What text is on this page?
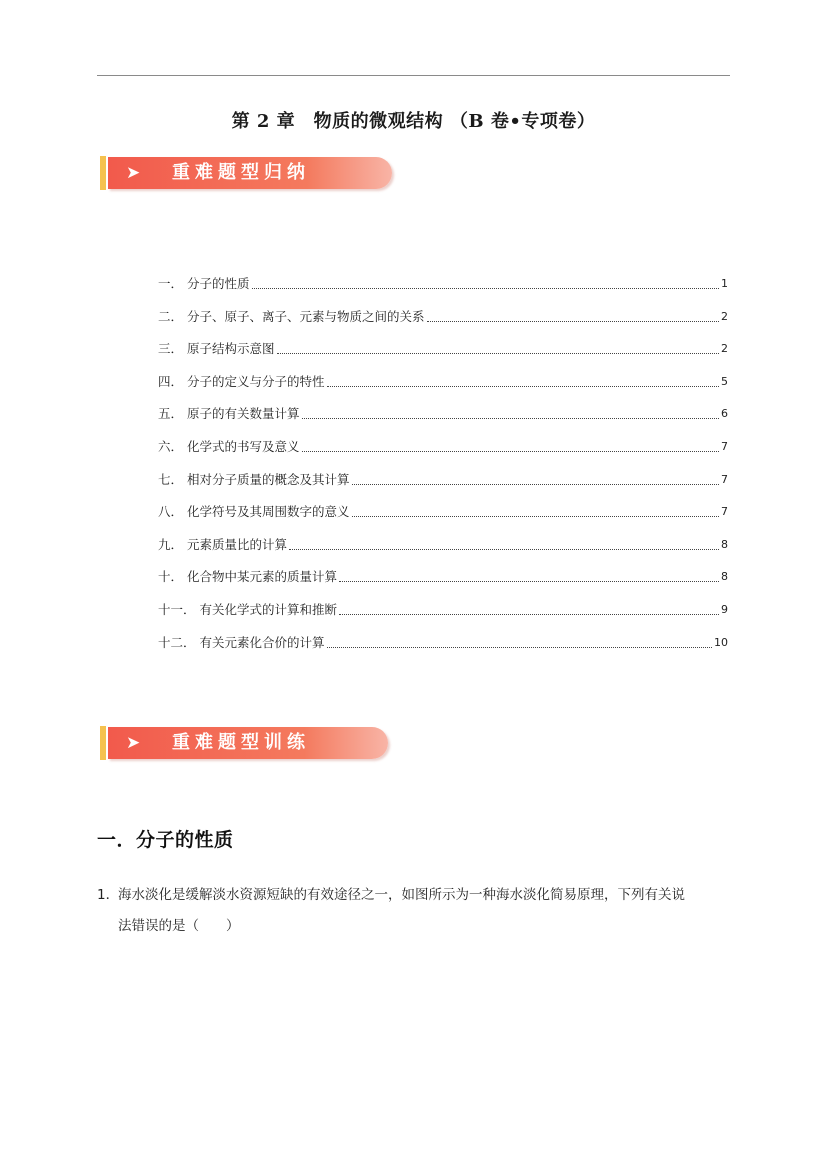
第 2 章　物质的微观结构 （B 卷•专项卷）
➤	重难题型归纳
一． 分子的性质	1
二． 分子、原子、离子、元素与物质之间的关系	2
三． 原子结构示意图	2
四． 分子的定义与分子的特性	5
五． 原子的有关数量计算	6
六． 化学式的书写及意义	7
七． 相对分子质量的概念及其计算	7
八． 化学符号及其周围数字的意义	7
九． 元素质量比的计算	8
十． 化合物中某元素的质量计算	8
十一． 有关化学式的计算和推断	9
十二． 有关元素化合价的计算	10
➤	重难题型训练
一．分子的性质
1．海水淡化是缓解淡水资源短缺的有效途径之一，如图所示为一种海水淡化简易原理，下列有关说
法错误的是（　　）
